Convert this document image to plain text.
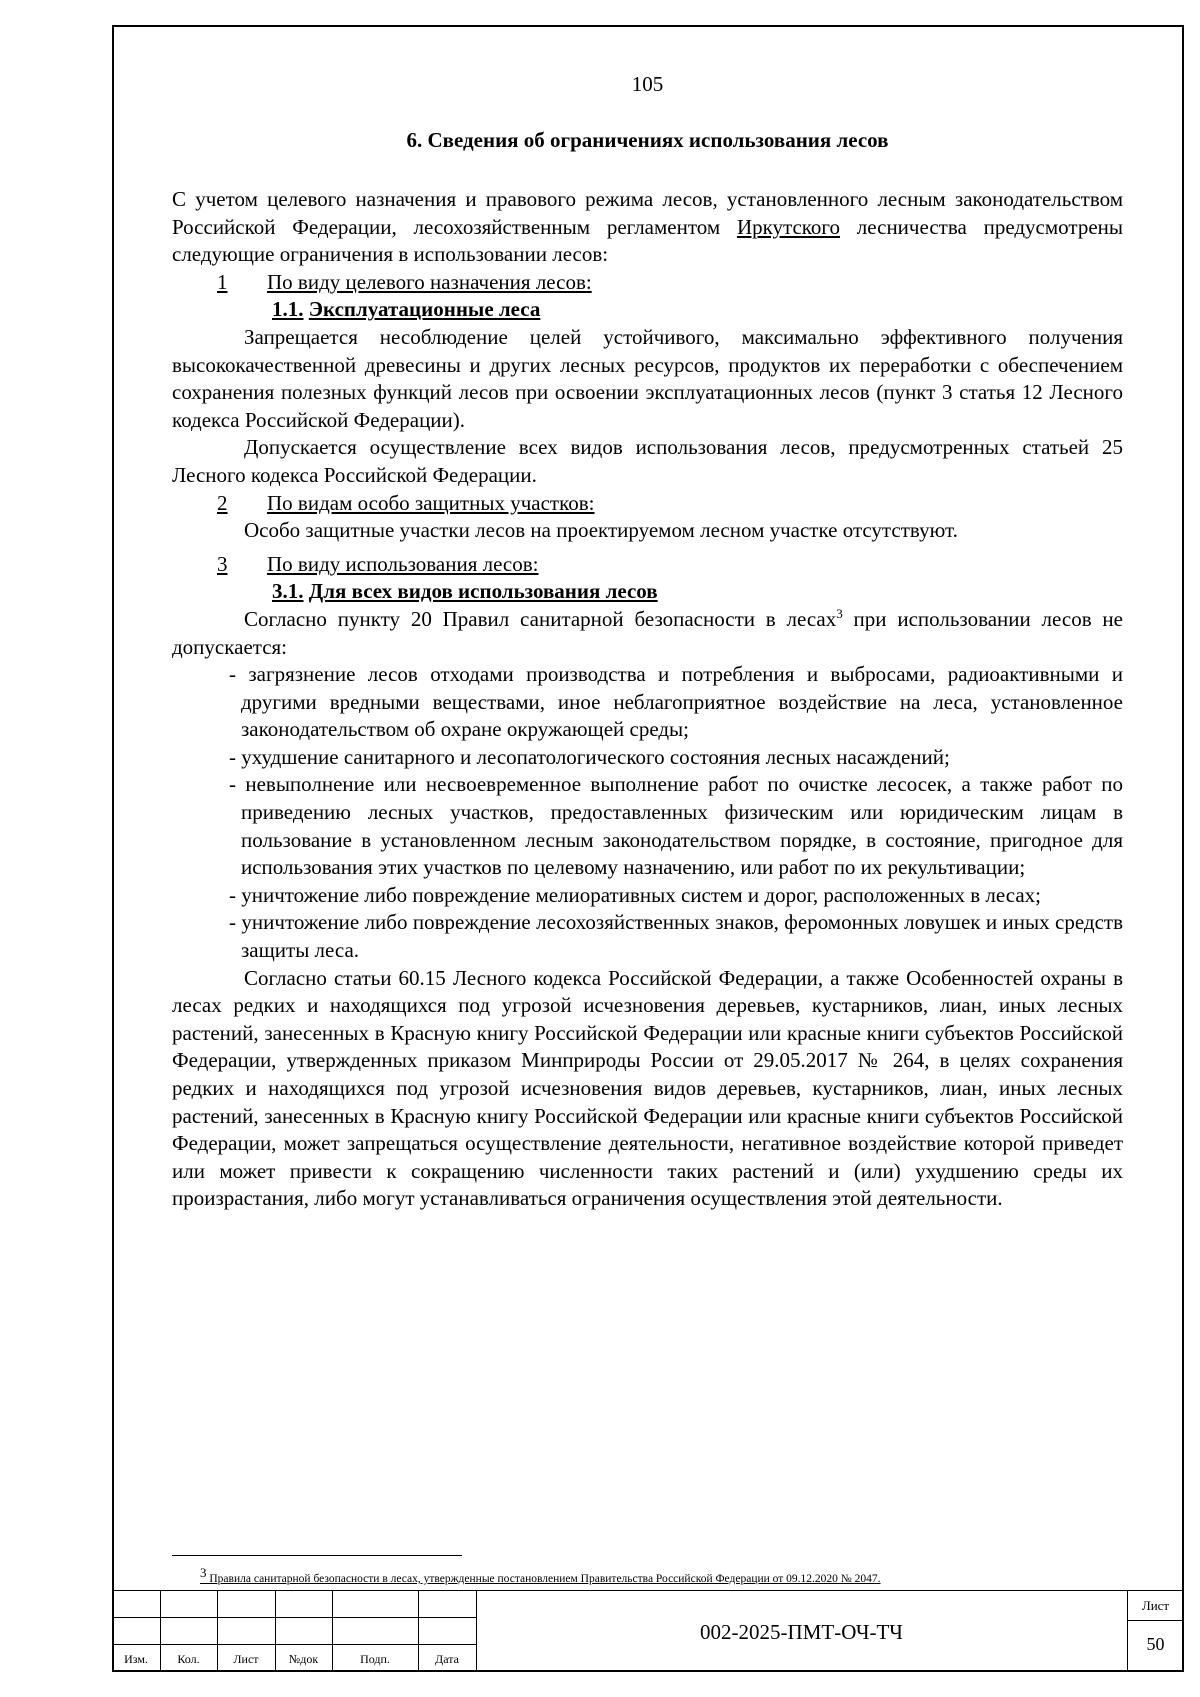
105
6. Сведения об ограничениях использования лесов

С учетом целевого назначения и правового режима лесов, установленного лесным законодательством Российской Федерации, лесохозяйственным регламентом Иркутского лесничества предусмотрены следующие ограничения в использовании лесов:

1	По виду целевого назначения лесов:
1.1. Эксплуатационные леса

Запрещается несоблюдение целей устойчивого, максимально эффективного получения высококачественной древесины и других лесных ресурсов, продуктов их переработки с обеспечением сохранения полезных функций лесов при освоении эксплуатационных лесов (пункт 3 статья 12 Лесного кодекса Российской Федерации).

Допускается осуществление всех видов использования лесов, предусмотренных статьей 25 Лесного кодекса Российской Федерации.

2	По видам особо защитных участков:

Особо защитные участки лесов на проектируемом лесном участке отсутствуют.

3	По виду использования лесов:
3.1. Для всех видов использования лесов

Согласно пункту 20 Правил санитарной безопасности в лесах$^3$ при использовании лесов не допускается:

- загрязнение лесов отходами производства и потребления и выбросами, радиоактивными и другими вредными веществами, иное неблагоприятное воздействие на леса, установленное законодательством об охране окружающей среды;

- ухудшение санитарного и лесопатологического состояния лесных насаждений;

- невыполнение или несвоевременное выполнение работ по очистке лесосек, а также работ по приведению лесных участков, предоставленных физическим или юридическим лицам в пользование в установленном лесным законодательством порядке, в состояние, пригодное для использования этих участков по целевому назначению, или работ по их рекультивации;

- уничтожение либо повреждение мелиоративных систем и дорог, расположенных в лесах;

- уничтожение либо повреждение лесохозяйственных знаков, феромонных ловушек и иных средств защиты леса.

Согласно статьи 60.15 Лесного кодекса Российской Федерации, а также Особенностей охраны в лесах редких и находящихся под угрозой исчезновения деревьев, кустарников, лиан, иных лесных растений, занесенных в Красную книгу Российской Федерации или красные книги субъектов Российской Федерации, утвержденных приказом Минприроды России от 29.05.2017 № 264, в целях сохранения редких и находящихся под угрозой исчезновения видов деревьев, кустарников, лиан, иных лесных растений, занесенных в Красную книгу Российской Федерации или красные книги субъектов Российской Федерации, может запрещаться осуществление деятельности, негативное воздействие которой приведет или может привести к сокращению численности таких растений и (или) ухудшению среды их произрастания, либо могут устанавливаться ограничения осуществления этой деятельности.

$^3$ Правила санитарной безопасности в лесах, утвержденные постановлением Правительства Российской Федерации от 09.12.2020 № 2047.
Изм.	Кол.	Лист	№док	Подп.	Дата
002-2025-ПМТ-ОЧ-ТЧ
Лист
50
